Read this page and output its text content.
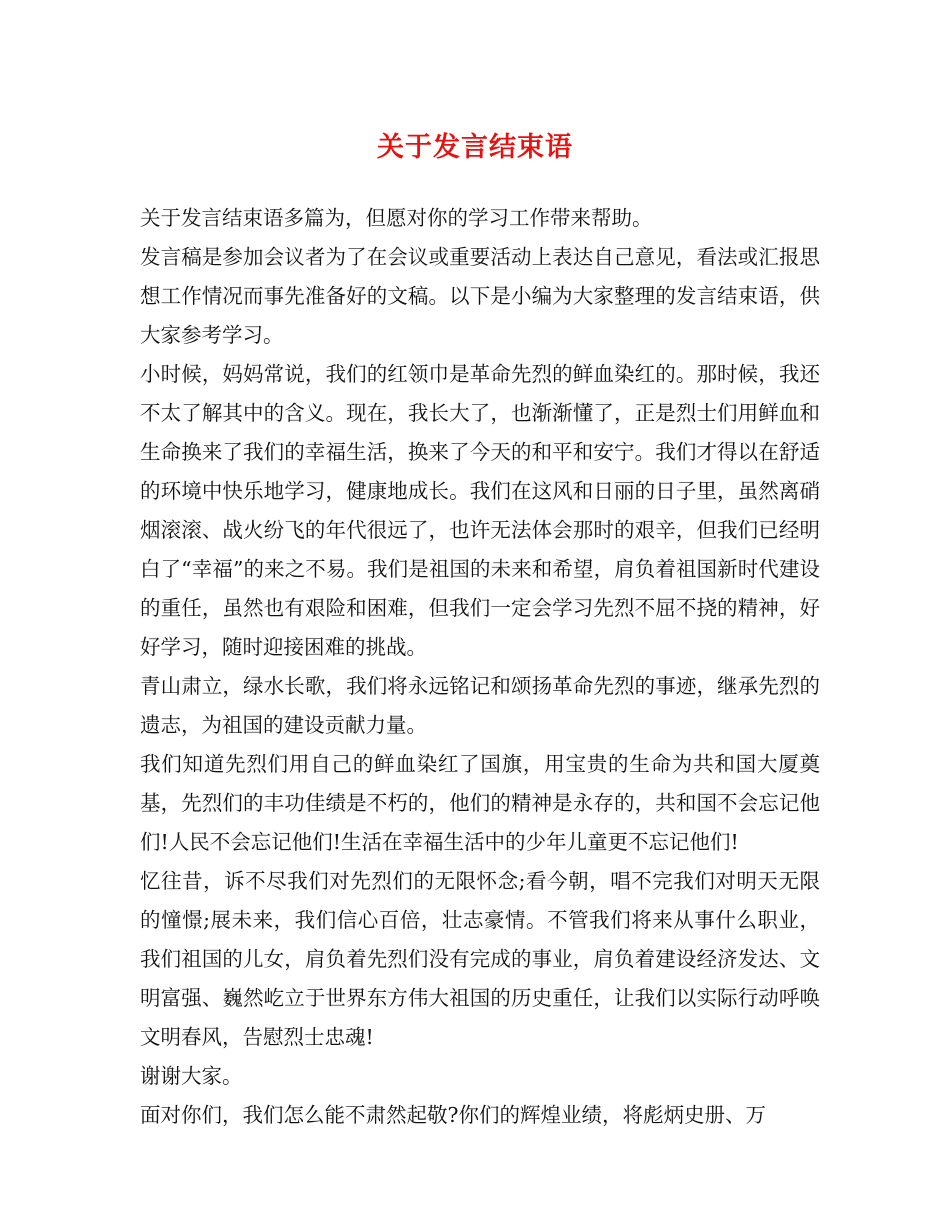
关于发言结束语

关于发言结束语多篇为，但愿对你的学习工作带来帮助。

发言稿是参加会议者为了在会议或重要活动上表达自己意见，看法或汇报思想工作情况而事先准备好的文稿。以下是小编为大家整理的发言结束语，供大家参考学习。

小时候，妈妈常说，我们的红领巾是革命先烈的鲜血染红的。那时候，我还不太了解其中的含义。现在，我长大了，也渐渐懂了，正是烈士们用鲜血和生命换来了我们的幸福生活，换来了今天的和平和安宁。我们才得以在舒适的环境中快乐地学习，健康地成长。我们在这风和日丽的日子里，虽然离硝烟滚滚、战火纷飞的年代很远了，也许无法体会那时的艰辛，但我们已经明白了“幸福”的来之不易。我们是祖国的未来和希望，肩负着祖国新时代建设的重任，虽然也有艰险和困难，但我们一定会学习先烈不屈不挠的精神，好好学习，随时迎接困难的挑战。

青山肃立，绿水长歌，我们将永远铭记和颂扬革命先烈的事迹，继承先烈的遗志，为祖国的建设贡献力量。

我们知道先烈们用自己的鲜血染红了国旗，用宝贵的生命为共和国大厦奠基，先烈们的丰功佳绩是不朽的，他们的精神是永存的，共和国不会忘记他们!人民不会忘记他们!生活在幸福生活中的少年儿童更不忘记他们!

忆往昔，诉不尽我们对先烈们的无限怀念;看今朝，唱不完我们对明天无限的憧憬;展未来，我们信心百倍，壮志豪情。不管我们将来从事什么职业，我们祖国的儿女，肩负着先烈们没有完成的事业，肩负着建设经济发达、文明富强、巍然屹立于世界东方伟大祖国的历史重任，让我们以实际行动呼唤文明春风，告慰烈士忠魂!

谢谢大家。

面对你们，我们怎么能不肃然起敬?你们的辉煌业绩，将彪炳史册、万
